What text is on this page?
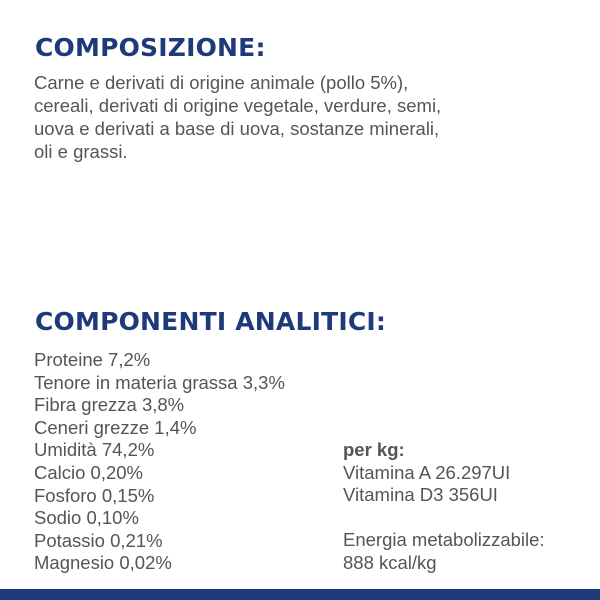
COMPOSIZIONE:
Carne e derivati di origine animale (pollo 5%),
cereali, derivati di origine vegetale, verdure, semi,
uova e derivati a base di uova, sostanze minerali,
oli e grassi.
COMPONENTI ANALITICI:
Proteine 7,2%
Tenore in materia grassa 3,3%
Fibra grezza 3,8%
Ceneri grezze 1,4%
Umidità 74,2%
Calcio 0,20%
Fosforo 0,15%
Sodio 0,10%
Potassio 0,21%
Magnesio 0,02%
per kg:
Vitamina A 26.297UI
Vitamina D3 356UI
Energia metabolizzabile:
888 kcal/kg
